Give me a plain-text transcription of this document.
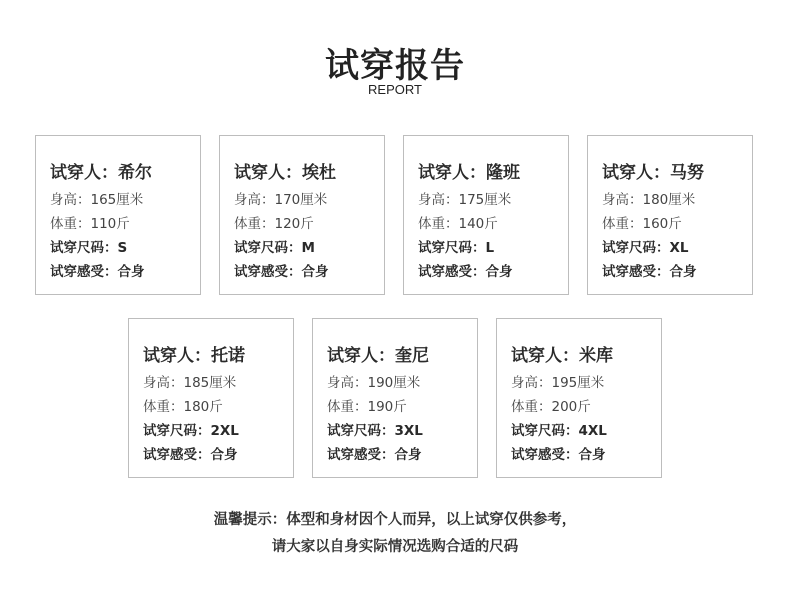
试穿报告
REPORT
试穿人：希尔
身高：165厘米
体重：110斤
试穿尺码：S
试穿感受：合身
试穿人：埃杜
身高：170厘米
体重：120斤
试穿尺码：M
试穿感受：合身
试穿人：隆班
身高：175厘米
体重：140斤
试穿尺码：L
试穿感受：合身
试穿人：马努
身高：180厘米
体重：160斤
试穿尺码：XL
试穿感受：合身
试穿人：托诺
身高：185厘米
体重：180斤
试穿尺码：2XL
试穿感受：合身
试穿人：奎尼
身高：190厘米
体重：190斤
试穿尺码：3XL
试穿感受：合身
试穿人：米库
身高：195厘米
体重：200斤
试穿尺码：4XL
试穿感受：合身
温馨提示：体型和身材因个人而异，以上试穿仅供参考，
请大家以自身实际情况选购合适的尺码
